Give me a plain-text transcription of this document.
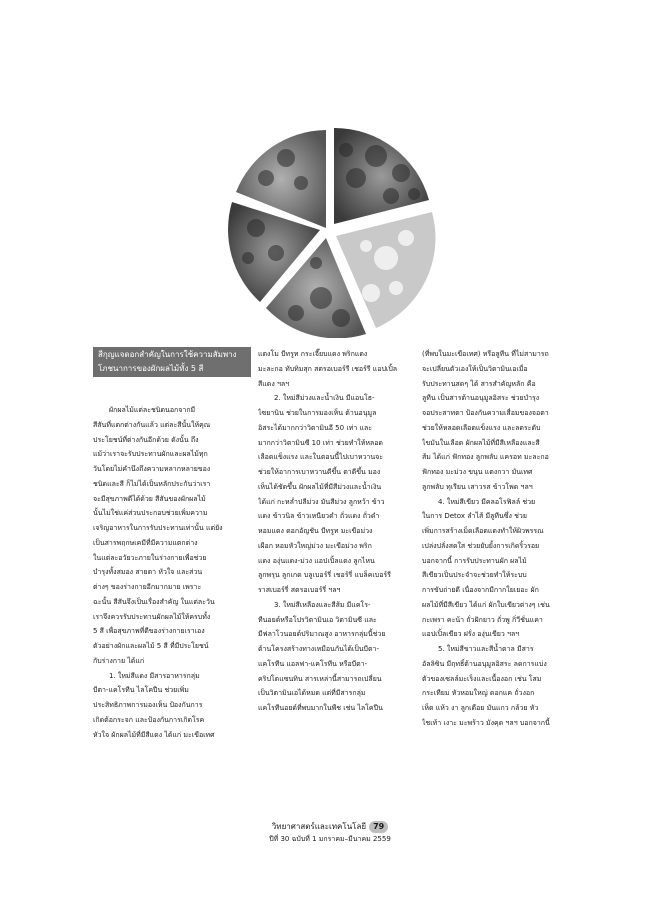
สีกุญแจดอกสำคัญในการใช้ความสัมพาง
โภชนาการของผักผลไม้ทั้ง 5 สี
ผักผลไม้แต่ละชนิดนอกจากมี
สีสันที่แตกต่างกันแล้ว แต่ละสีนั้นให้คุณ
ประโยชน์ที่ต่างกันอีกด้วย ดังนั้น ถึง
แม้ว่าเราจะรับประทานผักและผลไม้ทุก
วันโดยไม่คำนึงถึงความหลากหลายของ
ชนิดและสี ก็ไม่ได้เป็นหลักประกันว่าเรา
จะมีสุขภาพดีได้ด้วย สีสันของผักผลไม้
นั้นไม่ใช่แค่ส่วนประกอบช่วยเพิ่มความ
เจริญอาหารในการรับประทานเท่านั้น แต่ยัง
เป็นสารพฤกษเคมีที่มีความแตกต่าง
ในแต่ละอวัยวะภายในร่างกายเพื่อช่วย
บำรุงทั้งสมอง สายตา หัวใจ และส่วน
ต่างๆ ของร่างกายอีกมากมาย เพราะ
ฉะนั้น สีสันจึงเป็นเรื่องสำคัญ ในแต่ละวัน
เราจึงควรรับประทานผักผลไม้ให้ครบทั้ง
5 สี เพื่อสุขภาพที่ดีของร่างกายเราเอง
ตัวอย่างผักและผลไม้ 5 สี ที่มีประโยชน์
กับร่างกาย ได้แก่
1. ใหม่สีแดง มีสารอาหารกลุ่ม
บีตา-แคโรทีน ไลโคปีน ช่วยเพิ่ม
ประสิทธิภาพการมองเห็น ป้องกันการ
เกิดต้อกระจก และป้องกันการเกิดโรค
หัวใจ ผักผลไม้ที่มีสีแดง ได้แก่ มะเขือเทศ
แตงโม บีทรูท กระเจี๊ยบแดง พริกแดง
มะละกอ ทับทิมสุก สตรอเบอร์รี เชอร์รี แอปเปิ้ล
สีแดง ฯลฯ
2. ใหม่สีม่วงและน้ำเงิน มีแอนโธ-
ไซยานิน ช่วยในการมองเห็น ต้านอนุมูล
อิสระได้มากกว่าวิตามินอี 50 เท่า และ
มากกว่าวิตามินซี 10 เท่า ช่วยทำให้หลอด
เลือดแข็งแรง และในตอนนี้ไปเบาหวานจะ
ช่วยให้อาการเบาหวานดีขึ้น ตาดีขึ้น มอง
เห็นได้ชัดขึ้น ผักผลไม้ที่มีสีม่วงและน้ำเงิน
ได้แก่ กะหล่ำปลีม่วง มันสีม่วง ลูกหว้า ข้าว
แดง ข้าวนิล ข้าวเหนียวดำ ถั่วแดง ถั่วดำ
หอมแดง ดอกอัญชัน บีทรูท มะเขือม่วง
เผือก หอมหัวใหญ่ม่วง มะเขือม่วง พริก
แดง องุ่นแดง-ม่วง แอปเปิ้ลแดง ลูกไหน
ลูกพรุน ลูกเกด บลูเบอร์รี่ เชอร์รี่ แบล็คเบอร์รี
ราสเบอร์รี่ สตรอเบอร์รี่ ฯลฯ
3. ใหม่สีเหลืองและสีส้ม มีแคโร-
ทีนอยด์หรือโปรวิตามินเอ วิตามินซี และ
มีฟลาโวนอยด์ปริมาณสูง อาหารกลุ่มนี้ช่วย
ต้านโครงสร้างทางเหมือนกันได้เป็นบีตา-
แคโรทีน แอลฟา-แคโรทีน หรือบีตา-
คริปโตแซนทิน สารเหล่านี้สามารถเปลี่ยน
เป็นวิตามินเอได้หมด แต่ที่มีสารกลุ่ม
แคโรทีนอยด์ที่พบมากในพืช เช่น ไลโคปีน
(ที่พบในมะเขือเทศ) หรือลูทีน ที่ไม่สามารถ
จะเปลี่ยนตัวเองให้เป็นวิตามินเอเมื่อ
รับประทานสดๆ ได้ สารสำคัญหลัก คือ
ลูทีน เป็นสารต้านอนุมูลอิสระ ช่วยบำรุง
จอประสาทตา ป้องกันความเสื่อมของจอตา
ช่วยให้หลอดเลือดแข็งแรง และลดระดับ
ไขมันในเลือด ผักผลไม้ที่มีสีเหลืองและสี
ส้ม ได้แก่ ฟักทอง ลูกพลับ แครอท มะละกอ
ฟักทอง มะม่วง ขนุน แตงกวา มันเทศ
ลูกพลับ ทุเรียน เสาวรส ข้าวโพด ฯลฯ
4. ใหม่สีเขียว มีคลอโรฟิลล์ ช่วย
ในการ Detox ลำไส้ มีลูทีนซึ่ง ช่วย
เพิ่มการสร้างเม็ดเลือดแดงทำให้ผิวพรรณ
เปล่งปลั่งสดใส ช่วยยับยั้งการเกิดริ้วรอย
บอกจากนี้ การรับประทานผัก ผลไม้
สีเขียวเป็นประจำจะช่วยทำให้ระบบ
การขับถ่ายดี เนื่องจากมีกากใยเยอะ ผัก
ผลไม้ที่มีสีเขียว ได้แก่ ผักใบเขียวต่างๆ เช่น
กะเพรา คะน้า ถั่วฝักยาว ถั่วพู กิ่วีชั่นแคา
แอปเปิ้ลเขียว ฝรั่ง องุ่นเขียว ฯลฯ
5. ใหม่สีขาวและสีน้ำตาล มีสาร
อัลลิซิน มีฤทธิ์ต้านอนุมูลอิสระ ลดการแบ่ง
ตัวของเซลล์มะเร็งและเนื้องอก เช่น โสม
กระเทียม หัวหอมใหญ่ ดอกแค ถั่วงอก
เห็ด แห้ว งา ลูกเดือย มันแกว กล้วย หัว
ไชเท้า เงาะ มะพร้าว มังคุด ฯลฯ บอกจากนี้
วิทยาศาสตร์และเทคโนโลยี 79
ปีที่ 30 ฉบับที่ 1 มกราคม–มีนาคม 2559
